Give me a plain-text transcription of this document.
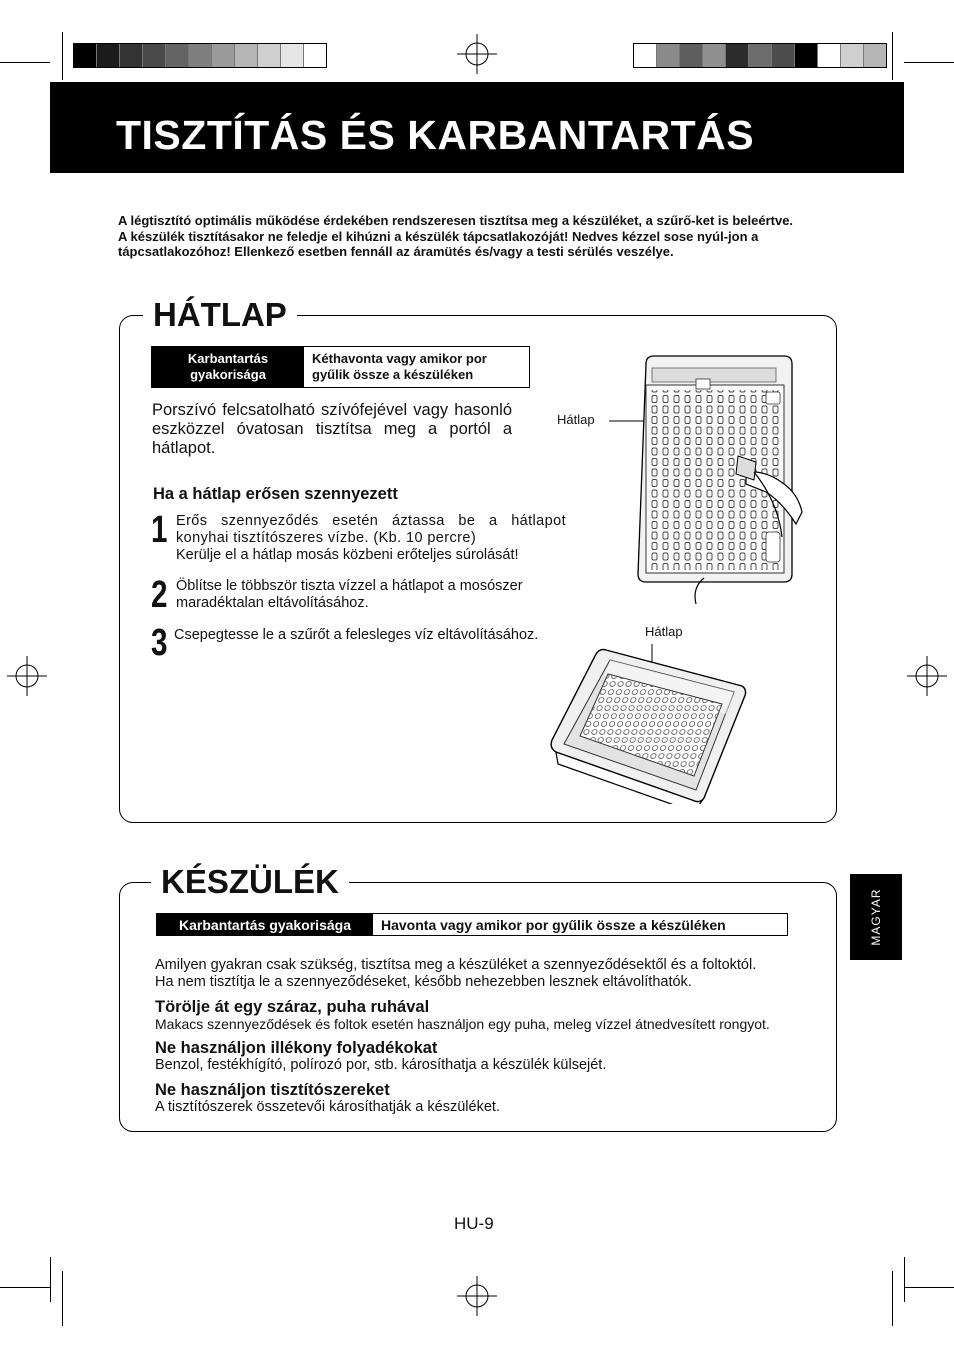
TISZTÍTÁS ÉS KARBANTARTÁS

A légtisztító optimális működése érdekében rendszeresen tisztítsa meg a készüléket, a szűrő-ket is beleértve.

A készülék tisztításakor ne feledje el kihúzni a készülék tápcsatlakozóját! Nedves kézzel sose nyúl-jon a tápcsatlakozóhoz! Ellenkező esetben fennáll az áramütés és/vagy a testi sérülés veszélye.

HÁTLAP
Karbantartás gyakorisága
Kéthavonta vagy amikor por gyűlik össze a készüléken
Porszívó felcsatolható szívófejével vagy hasonló eszközzel óvatosan tisztítsa meg a portól a hátlapot.
Ha a hátlap erősen szennyezett
1 Erős szennyeződés esetén áztassa be a hátlapot konyhai tisztítószeres vízbe. (Kb. 10 percre)

Kerülje el a hátlap mosás közbeni erőteljes súrolását!

2 Öblítse le többször tiszta vízzel a hátlapot a mosószer maradéktalan eltávolításához.

3 Csepegtesse le a szűrőt a felesleges víz eltávolításához.

Hátlap
Hátlap
KÉSZÜLÉK
Karbantartás gyakorisága	Havonta vagy amikor por gyűlik össze a készüléken
Amilyen gyakran csak szükség, tisztítsa meg a készüléket a szennyeződésektől és a foltoktól.
Ha nem tisztítja le a szennyeződéseket, később nehezebben lesznek eltávolíthatók.
Törölje át egy száraz, puha ruhával
Makacs szennyeződések és foltok esetén használjon egy puha, meleg vízzel átnedvesített rongyot.
Ne használjon illékony folyadékokat
Benzol, festékhígító, polírozó por, stb. károsíthatja a készülék külsejét.
Ne használjon tisztítószereket
A tisztítószerek összetevői károsíthatják a készüléket.
MAGYAR
HU-9
